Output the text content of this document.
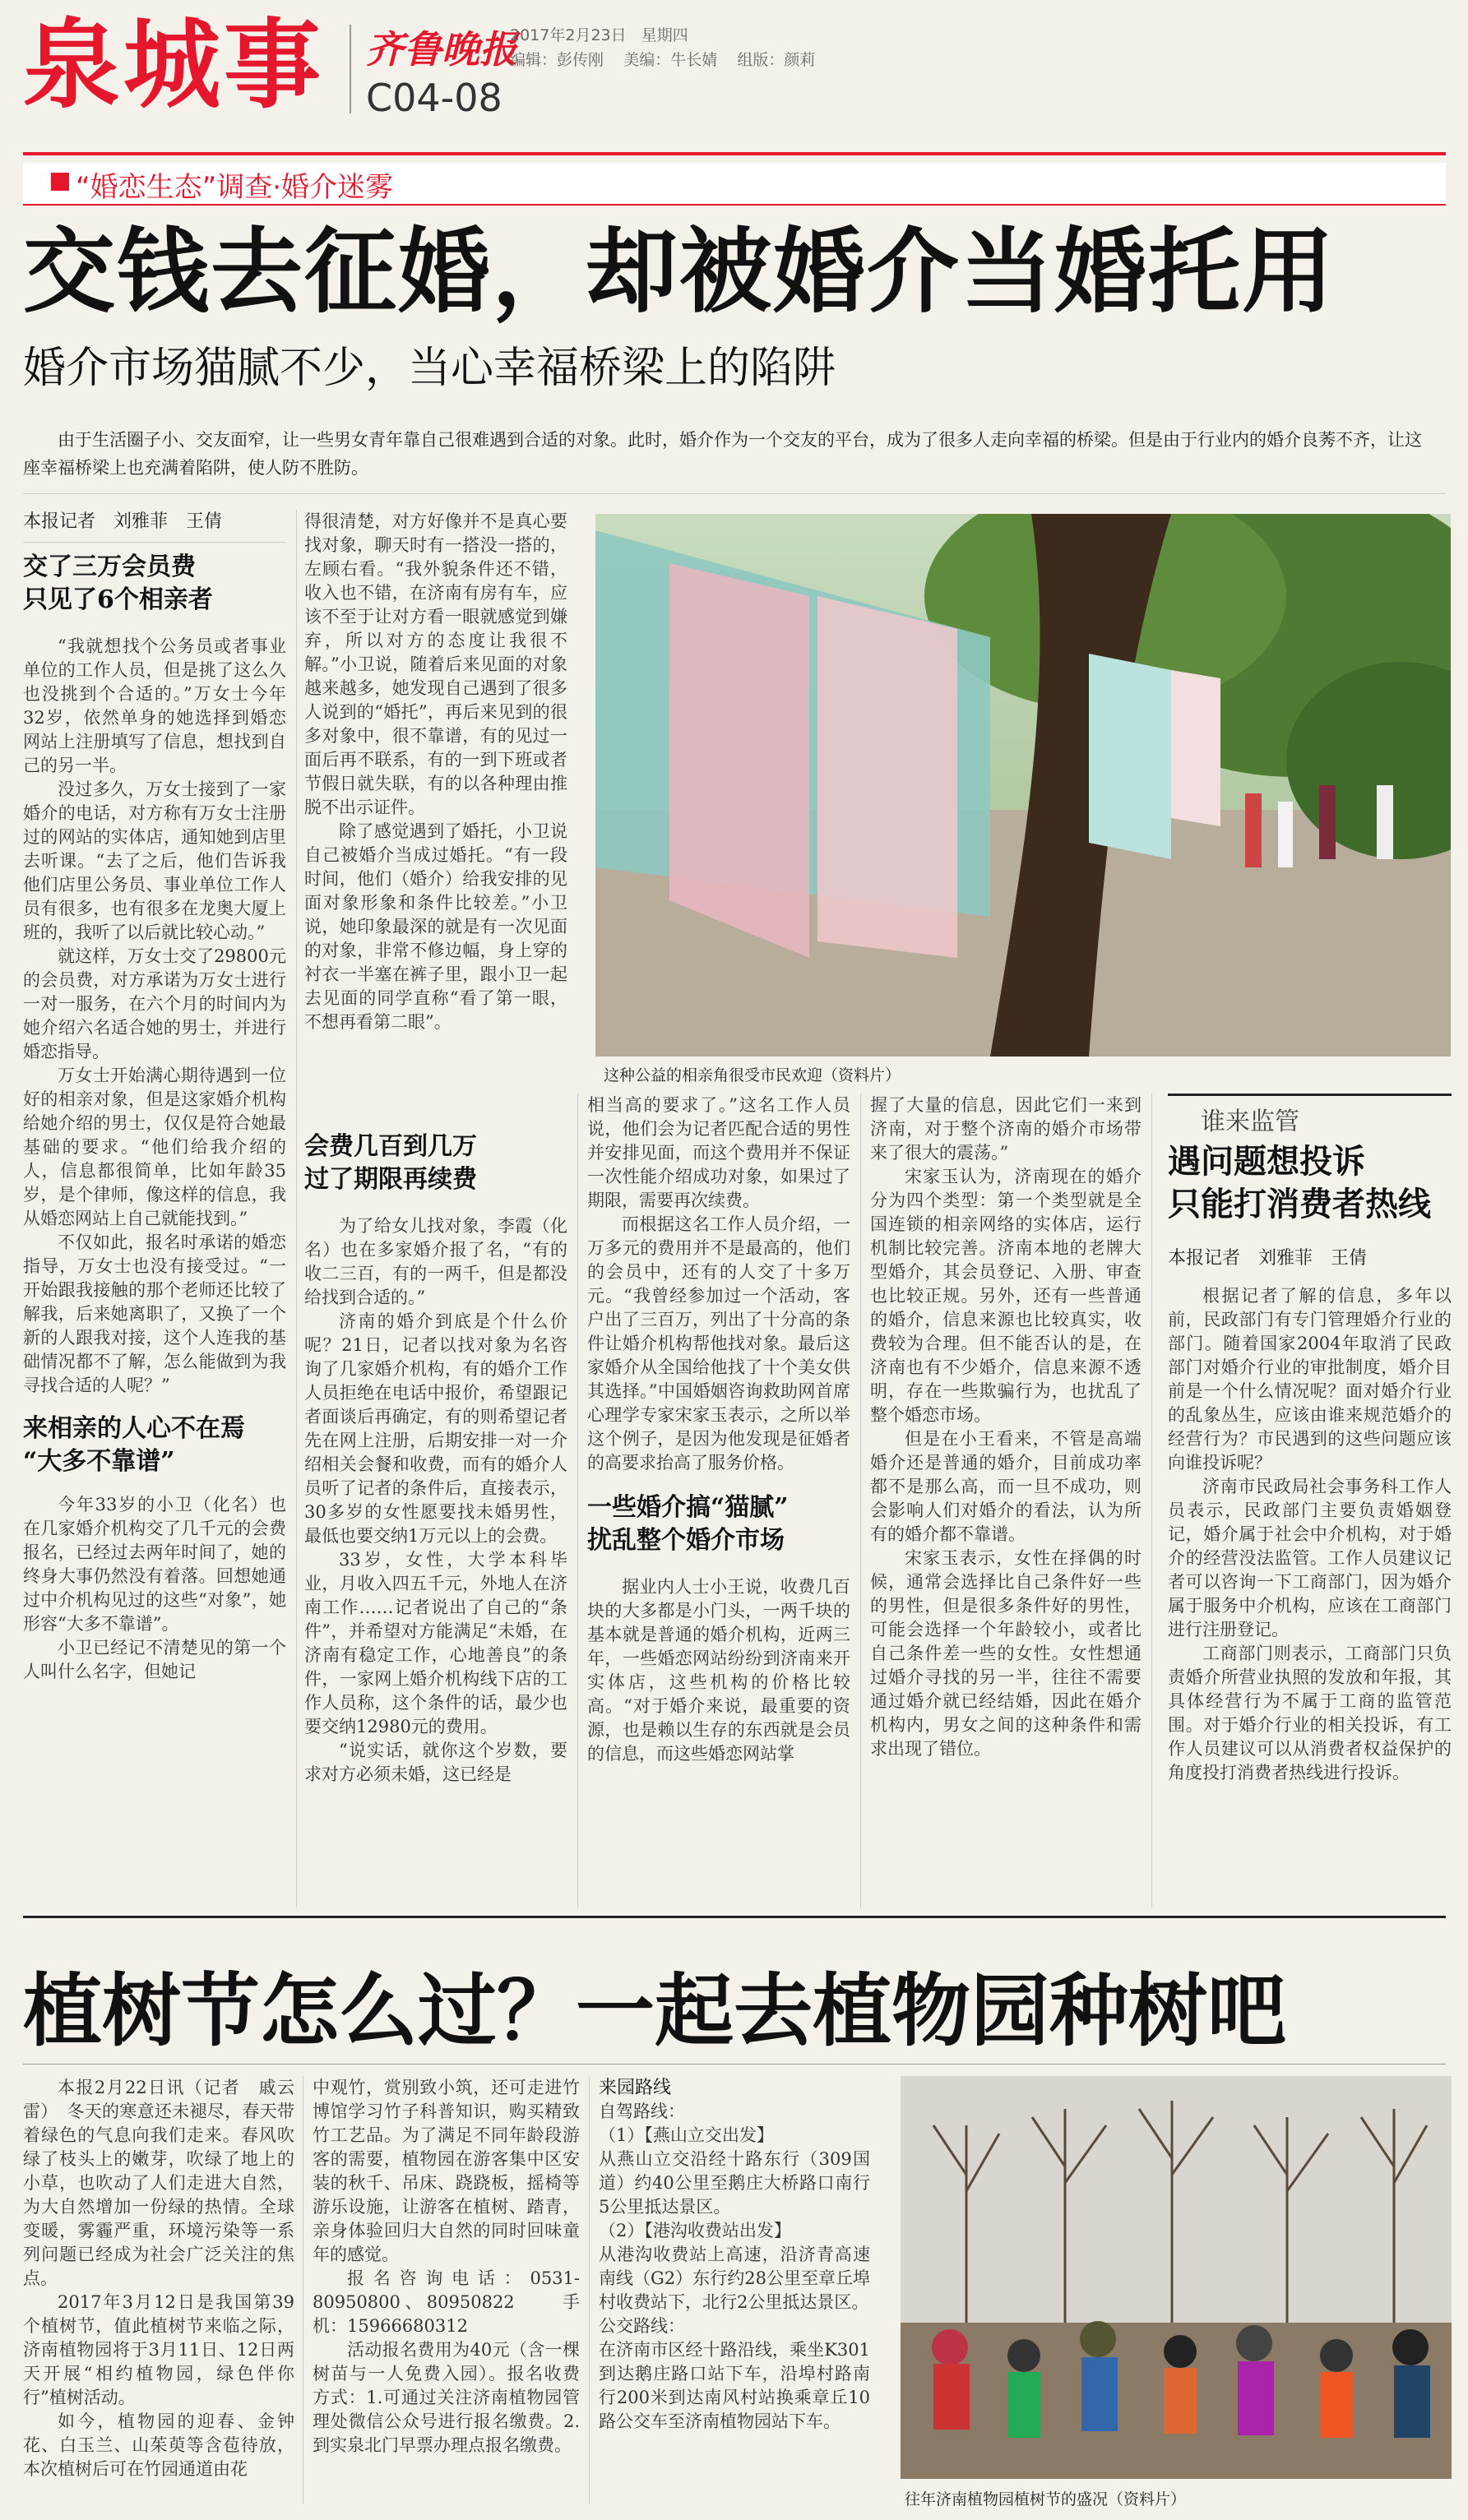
泉城事 齐鲁晚报
C04-08
2017年2月23日 星期四
编辑：彭传刚 美编：牛长婧 组版：颜莉
“婚恋生态”调查·婚介迷雾
交钱去征婚，却被婚介当婚托用
婚介市场猫腻不少，当心幸福桥梁上的陷阱
由于生活圈子小、交友面窄，让一些男女青年靠自己很难遇到合适的对象。此时，婚介作为一个交友的平台，成为了很多人走向幸福的桥梁。但是由于行业内的婚介良莠不齐，让这座幸福桥梁上也充满着陷阱，使人防不胜防。
本报记者　刘雅菲　王倩
交了三万会员费
只见了6个相亲者

“我就想找个公务员或者事业单位的工作人员，但是挑了这么久也没挑到个合适的。”万女士今年32岁，依然单身的她选择到婚恋网站上注册填写了信息，想找到自己的另一半。

没过多久，万女士接到了一家婚介的电话，对方称有万女士注册过的网站的实体店，通知她到店里去听课。“去了之后，他们告诉我他们店里公务员、事业单位工作人员有很多，也有很多在龙奥大厦上班的，我听了以后就比较心动。”

就这样，万女士交了29800元的会员费，对方承诺为万女士进行一对一服务，在六个月的时间内为她介绍六名适合她的男士，并进行婚恋指导。

万女士开始满心期待遇到一位好的相亲对象，但是这家婚介机构给她介绍的男士，仅仅是符合她最基础的要求。“他们给我介绍的人，信息都很简单，比如年龄35岁，是个律师，像这样的信息，我从婚恋网站上自己就能找到。”

不仅如此，报名时承诺的婚恋指导，万女士也没有接受过。“一开始跟我接触的那个老师还比较了解我，后来她离职了，又换了一个新的人跟我对接，这个人连我的基础情况都不了解，怎么能做到为我寻找合适的人呢？”

来相亲的人心不在焉
“大多不靠谱”

今年33岁的小卫（化名）也在几家婚介机构交了几千元的会费报名，已经过去两年时间了，她的终身大事仍然没有着落。回想她通过中介机构见过的这些“对象”，她形容“大多不靠谱”。

小卫已经记不清楚见的第一个人叫什么名字，但她记

得很清楚，对方好像并不是真心要找对象，聊天时有一搭没一搭的，左顾右看。“我外貌条件还不错，收入也不错，在济南有房有车，应该不至于让对方看一眼就感觉到嫌弃，所以对方的态度让我很不解。”小卫说，随着后来见面的对象越来越多，她发现自己遇到了很多人说到的“婚托”，再后来见到的很多对象中，很不靠谱，有的见过一面后再不联系，有的一到下班或者节假日就失联，有的以各种理由推脱不出示证件。

除了感觉遇到了婚托，小卫说自己被婚介当成过婚托。“有一段时间，他们（婚介）给我安排的见面对象形象和条件比较差。”小卫说，她印象最深的就是有一次见面的对象，非常不修边幅，身上穿的衬衣一半塞在裤子里，跟小卫一起去见面的同学直称“看了第一眼，不想再看第二眼”。

会费几百到几万
过了期限再续费

为了给女儿找对象，李霞（化名）也在多家婚介报了名，“有的收二三百，有的一两千，但是都没给找到合适的。”

济南的婚介到底是个什么价呢？21日，记者以找对象为名咨询了几家婚介机构，有的婚介工作人员拒绝在电话中报价，希望跟记者面谈后再确定，有的则希望记者先在网上注册，后期安排一对一介绍相关会餐和收费，而有的婚介人员听了记者的条件后，直接表示，30多岁的女性愿要找未婚男性，最低也要交纳1万元以上的会费。

33岁，女性，大学本科毕业，月收入四五千元，外地人在济南工作……记者说出了自己的“条件”，并希望对方能满足“未婚，在济南有稳定工作，心地善良”的条件，一家网上婚介机构线下店的工作人员称，这个条件的话，最少也要交纳12980元的费用。

“说实话，就你这个岁数，要求对方必须未婚，这已经是

这种公益的相亲角很受市民欢迎（资料片）

相当高的要求了。”这名工作人员说，他们会为记者匹配合适的男性并安排见面，而这个费用并不保证一次性能介绍成功对象，如果过了期限，需要再次续费。

而根据这名工作人员介绍，一万多元的费用并不是最高的，他们的会员中，还有的人交了十多万元。“我曾经参加过一个活动，客户出了三百万，列出了十分高的条件让婚介机构帮他找对象。最后这家婚介从全国给他找了十个美女供其选择。”中国婚姻咨询救助网首席心理学专家宋家玉表示，之所以举这个例子，是因为他发现是征婚者的高要求抬高了服务价格。

一些婚介搞“猫腻”
扰乱整个婚介市场

据业内人士小王说，收费几百块的大多都是小门头，一两千块的基本就是普通的婚介机构，近两三年，一些婚恋网站纷纷到济南来开实体店，这些机构的价格比较高。“对于婚介来说，最重要的资源，也是赖以生存的东西就是会员的信息，而这些婚恋网站掌

握了大量的信息，因此它们一来到济南，对于整个济南的婚介市场带来了很大的震荡。”

宋家玉认为，济南现在的婚介分为四个类型：第一个类型就是全国连锁的相亲网络的实体店，运行机制比较完善。济南本地的老牌大型婚介，其会员登记、入册、审查也比较正规。另外，还有一些普通的婚介，信息来源也比较真实，收费较为合理。但不能否认的是，在济南也有不少婚介，信息来源不透明，存在一些欺骗行为，也扰乱了整个婚恋市场。

但是在小王看来，不管是高端婚介还是普通的婚介，目前成功率都不是那么高，而一旦不成功，则会影响人们对婚介的看法，认为所有的婚介都不靠谱。

宋家玉表示，女性在择偶的时候，通常会选择比自己条件好一些的男性，但是很多条件好的男性，可能会选择一个年龄较小，或者比自己条件差一些的女性。女性想通过婚介寻找的另一半，往往不需要通过婚介就已经结婚，因此在婚介机构内，男女之间的这种条件和需求出现了错位。

谁来监管
遇问题想投诉
只能打消费者热线
本报记者　刘雅菲　王倩

根据记者了解的信息，多年以前，民政部门有专门管理婚介行业的部门。随着国家2004年取消了民政部门对婚介行业的审批制度，婚介目前是一个什么情况呢？面对婚介行业的乱象丛生，应该由谁来规范婚介的经营行为？市民遇到的这些问题应该向谁投诉呢？

济南市民政局社会事务科工作人员表示，民政部门主要负责婚姻登记，婚介属于社会中介机构，对于婚介的经营没法监管。工作人员建议记者可以咨询一下工商部门，因为婚介属于服务中介机构，应该在工商部门进行注册登记。

工商部门则表示，工商部门只负责婚介所营业执照的发放和年报，其具体经营行为不属于工商的监管范围。对于婚介行业的相关投诉，有工作人员建议可以从消费者权益保护的角度投打消费者热线进行投诉。

植树节怎么过？一起去植物园种树吧

本报2月22日讯（记者　戚云雷）　冬天的寒意还未褪尽，春天带着绿色的气息向我们走来。春风吹绿了枝头上的嫩芽，吹绿了地上的小草，也吹动了人们走进大自然，为大自然增加一份绿的热情。全球变暖，雾霾严重，环境污染等一系列问题已经成为社会广泛关注的焦点。

2017年3月12日是我国第39个植树节，值此植树节来临之际，济南植物园将于3月11日、12日两天开展“相约植物园，绿色伴你行”植树活动。

如今，植物园的迎春、金钟花、白玉兰、山茱萸等含苞待放，本次植树后可在竹园通道由花

中观竹，赏别致小筑，还可走进竹博馆学习竹子科普知识，购买精致竹工艺品。为了满足不同年龄段游客的需要，植物园在游客集中区安装的秋千、吊床、跷跷板，摇椅等游乐设施，让游客在植树、踏青，亲身体验回归大自然的同时回味童年的感觉。

报名咨询电话：0531-80950800、80950822　　手机：15966680312

活动报名费用为40元（含一棵树苗与一人免费入园）。报名收费方式：1.可通过关注济南植物园管理处微信公众号进行报名缴费。2.到实泉北门早票办理点报名缴费。

来园路线
自驾路线：
（1）【燕山立交出发】
从燕山立交沿经十路东行（309国道）约40公里至鹅庄大桥路口南行5公里抵达景区。
（2）【港沟收费站出发】
从港沟收费站上高速，沿济青高速南线（G2）东行约28公里至章丘埠村收费站下，北行2公里抵达景区。
公交路线：
在济南市区经十路沿线，乘坐K301到达鹅庄路口站下车，沿埠村路南行200米到达南风村站换乘章丘10路公交车至济南植物园站下车。
往年济南植物园植树节的盛况（资料片）
